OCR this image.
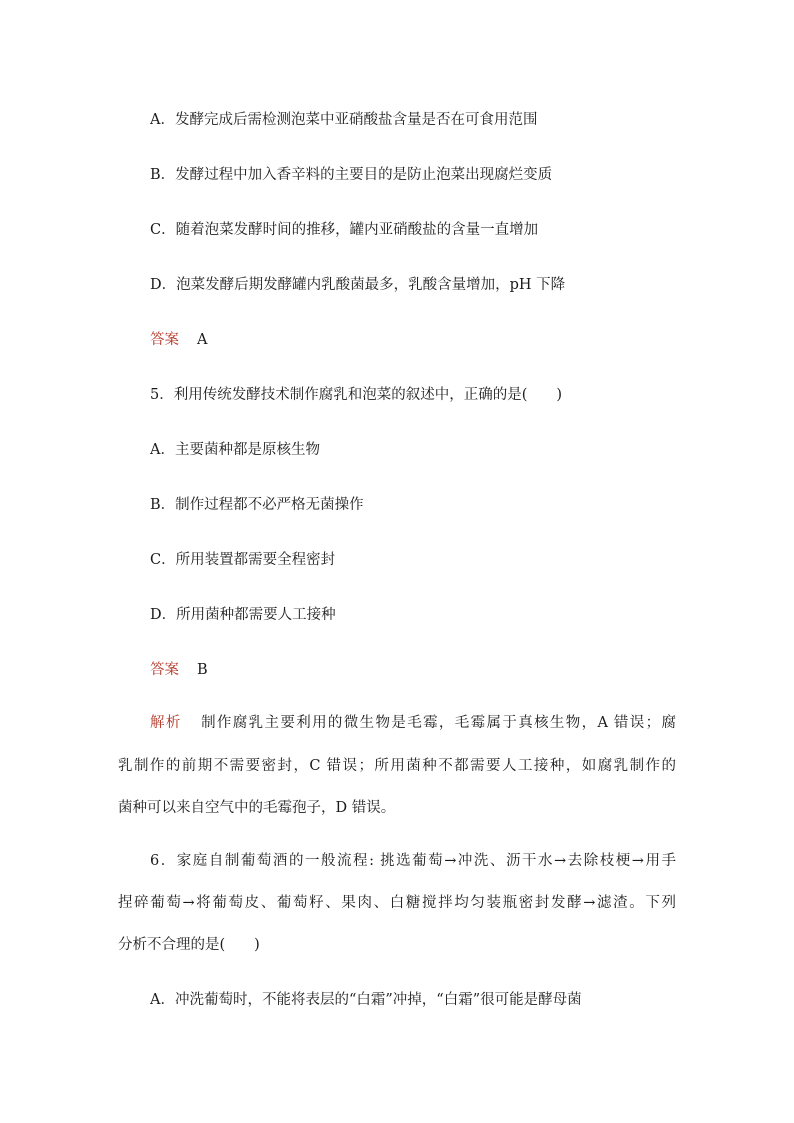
A．发酵完成后需检测泡菜中亚硝酸盐含量是否在可食用范围
B．发酵过程中加入香辛料的主要目的是防止泡菜出现腐烂变质
C．随着泡菜发酵时间的推移，罐内亚硝酸盐的含量一直增加
D．泡菜发酵后期发酵罐内乳酸菌最多，乳酸含量增加，pH 下降
答案 A
5．利用传统发酵技术制作腐乳和泡菜的叙述中，正确的是(　　)
A．主要菌种都是原核生物
B．制作过程都不必严格无菌操作
C．所用装置都需要全程密封
D．所用菌种都需要人工接种
答案 B
解析 制作腐乳主要利用的微生物是毛霉，毛霉属于真核生物，A 错误；腐
乳制作的前期不需要密封，C 错误；所用菌种不都需要人工接种，如腐乳制作的
菌种可以来自空气中的毛霉孢子，D 错误。
6．家庭自制葡萄酒的一般流程: 挑选葡萄→冲洗、沥干水→去除枝梗→用手
捏碎葡萄→将葡萄皮、葡萄籽、果肉、白糖搅拌均匀装瓶密封发酵→滤渣。下列
分析不合理的是(　　)
A．冲洗葡萄时，不能将表层的“白霜”冲掉，“白霜”很可能是酵母菌
